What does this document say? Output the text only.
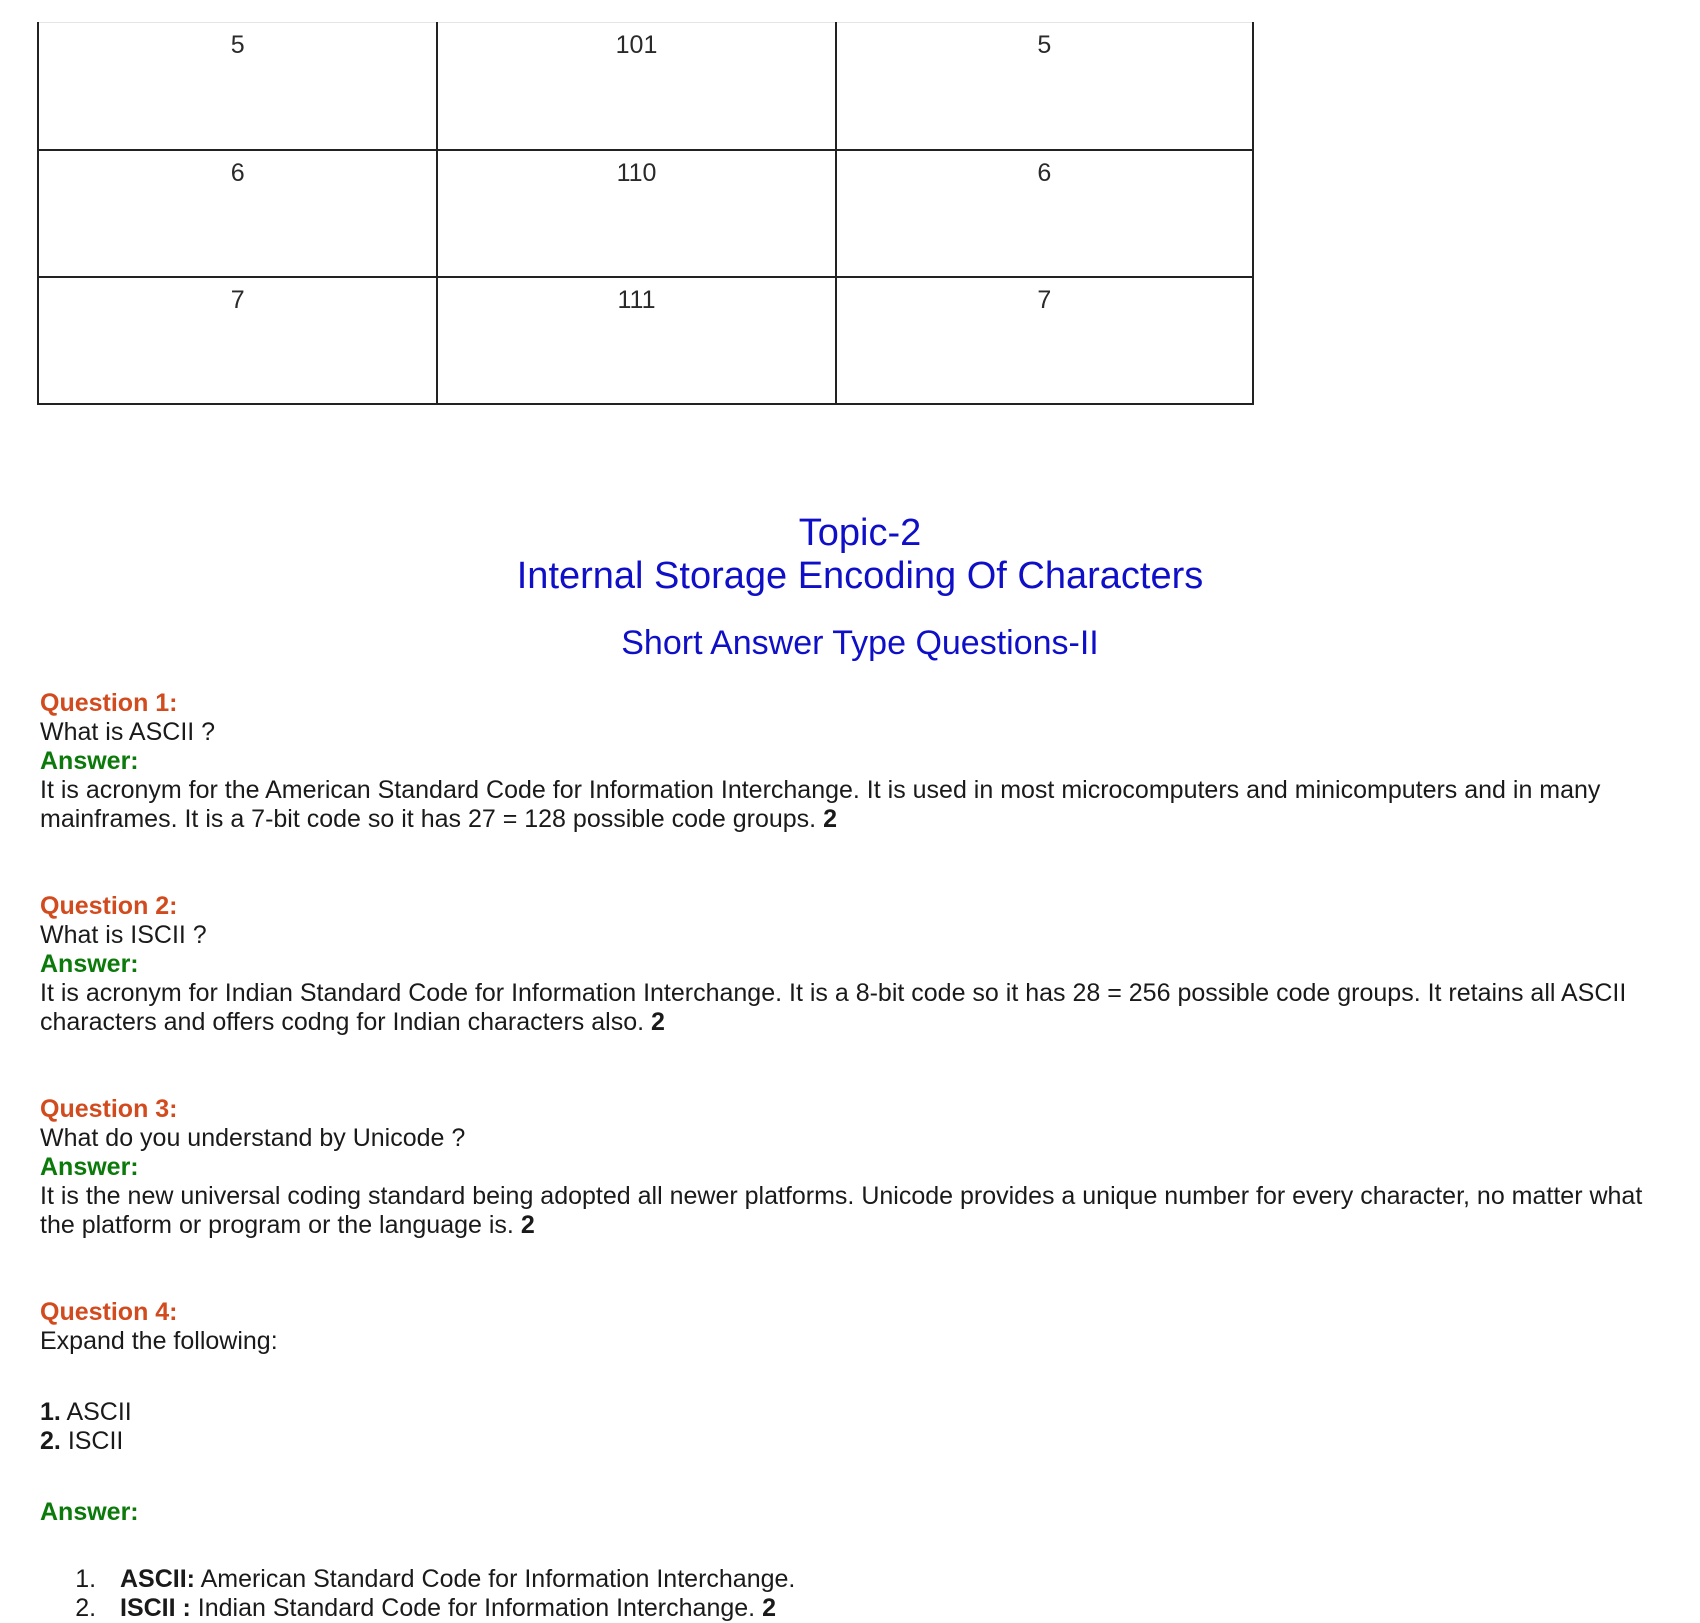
5	101	5
6	110	6
7	111	7
Topic-2
Internal Storage Encoding Of Characters
Short Answer Type Questions-II
Question 1:
What is ASCII ?
Answer:
It is acronym for the American Standard Code for Information Interchange. It is used in most microcomputers and minicomputers and in many mainframes. It is a 7-bit code so it has 27 = 128 possible code groups. 2
Question 2:
What is ISCII ?
Answer:
It is acronym for Indian Standard Code for Information Interchange. It is a 8-bit code so it has 28 = 256 possible code groups. It retains all ASCII characters and offers codng for Indian characters also. 2
Question 3:
What do you understand by Unicode ?
Answer:
It is the new universal coding standard being adopted all newer platforms. Unicode provides a unique number for every character, no matter what the platform or program or the language is. 2
Question 4:
Expand the following:
1. ASCII
2. ISCII
Answer:
1. ASCII: American Standard Code for Information Interchange.
2. ISCII : Indian Standard Code for Information Interchange. 2
